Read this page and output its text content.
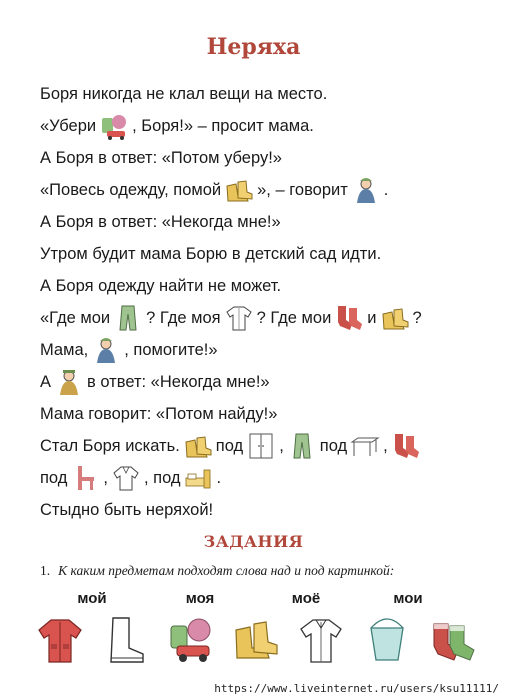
Неряха
Боря никогда не клал вещи на место.
«Убери , Боря!» – просит мама.
А Боря в ответ: «Потом уберу!»
«Повесь одежду, помой », – говорит .
А Боря в ответ: «Некогда мне!»
Утром будит мама Борю в детский сад идти.
А Боря одежду найти не может.
«Где мои ? Где моя ? Где мои и ?
Мама, , помогите!»
А в ответ: «Некогда мне!»
Мама говорит: «Потом найду!»
Стал Боря искать. под , под ,
под , , под .
Стыдно быть неряхой!
ЗАДАНИЯ
1. К каким предметам подходят слова над и под картинкой:
мой	моя	моё	мои
https://www.liveinternet.ru/users/ksu11111/
